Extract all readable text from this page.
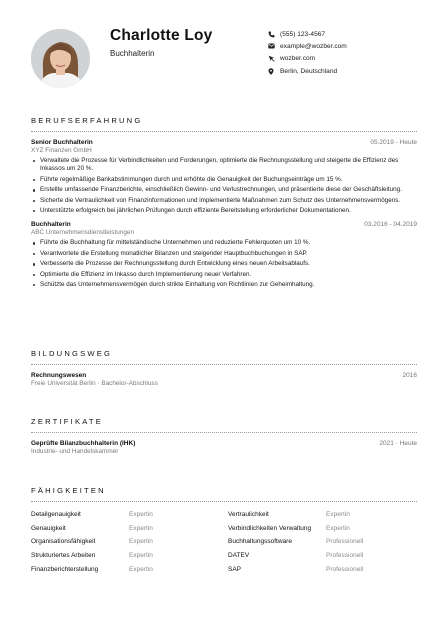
Charlotte Loy
Buchhalterin
(555) 123-4567
example@wozber.com
wozber.com
Berlin, Deutschland
BERUFSERFAHRUNG
Senior Buchhalterin	05.2019 - Heute
XYZ Finanzen GmbH
Verwaltete die Prozesse für Verbindlichkeiten und Forderungen, optimierte die Rechnungsstellung und steigerte die Effizienz des Inkassos um 20 %.
Führte regelmäßige Bankabstimmungen durch und erhöhte die Genauigkeit der Buchungseinträge um 15 %.
Erstellte umfassende Finanzberichte, einschließlich Gewinn- und Verlustrechnungen, und präsentierte diese der Geschäftsleitung.
Sicherte die Vertraulichkeit von Finanzinformationen und implementierte Maßnahmen zum Schutz des Unternehmensvermögens.
Unterstützte erfolgreich bei jährlichen Prüfungen durch effiziente Bereitstellung erforderlicher Dokumentationen.
Buchhalterin	03.2016 - 04.2019
ABC Unternehmensdienstleistungen
Führte die Buchhaltung für mittelständische Unternehmen und reduzierte Fehlerquoten um 10 %.
Verantwortete die Erstellung monatlicher Bilanzen und steigender Hauptbuchbuchungen in SAP.
Verbesserte die Prozesse der Rechnungsstellung durch Entwicklung eines neuen Arbeitsablaufs.
Optimierte die Effizienz im Inkasso durch Implementierung neuer Verfahren.
Schützte das Unternehmensvermögen durch strikte Einhaltung von Richtlinien zur Geheimhaltung.
BILDUNGSWEG
Rechnungswesen	2016
Freie Universität Berlin · Bachelor-Abschluss
ZERTIFIKATE
Geprüfte Bilanzbuchhalterin (IHK)	2021 · Heute
Industrie- und Handelskammer
FÄHIGKEITEN
Detailgenauigkeit	Expertin	Vertraulichkeit	Expertin
Genauigkeit	Expertin	Verbindlichkeiten Verwaltung	Expertin
Organisationsfähigkeit	Expertin	Buchhaltungssoftware	Professionell
Strukturiertes Arbeiten	Expertin	DATEV	Professionell
Finanzberichterstellung	Expertin	SAP	Professionell
